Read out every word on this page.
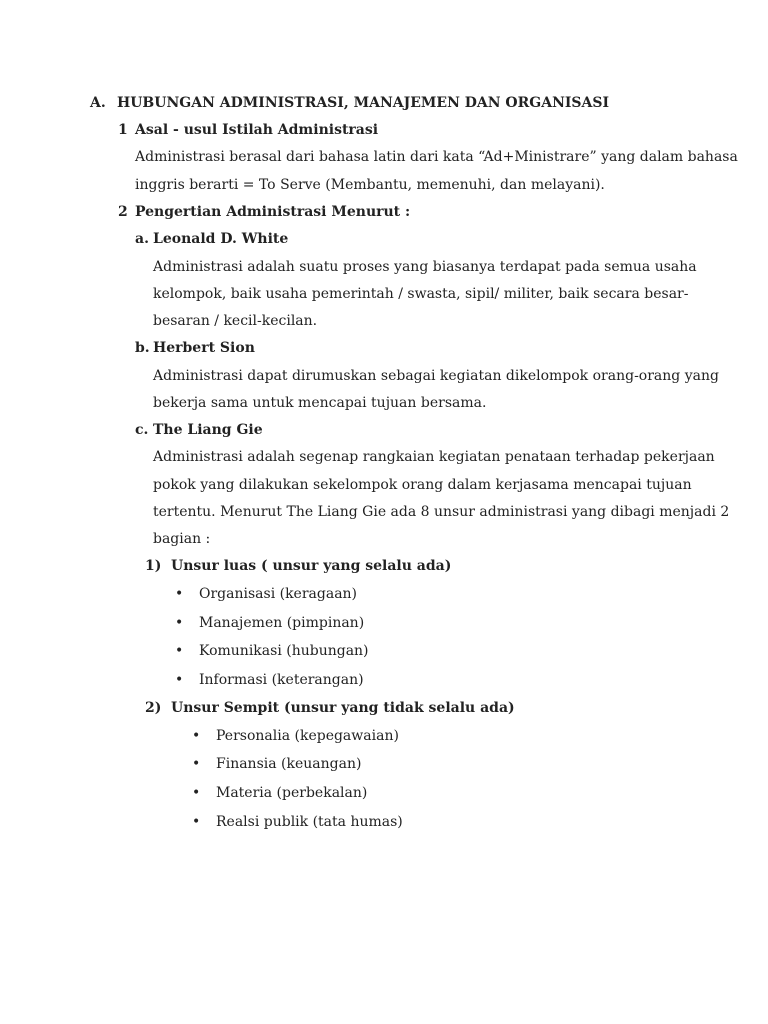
A. HUBUNGAN ADMINISTRASI, MANAJEMEN DAN ORGANISASI
1 Asal - usul Istilah Administrasi
Administrasi berasal dari bahasa latin dari kata “Ad+Ministrare” yang dalam bahasa
inggris berarti = To Serve (Membantu, memenuhi, dan melayani).
2 Pengertian Administrasi Menurut :
a. Leonald D. White
Administrasi adalah suatu proses yang biasanya terdapat pada semua usaha
kelompok, baik usaha pemerintah / swasta, sipil/ militer, baik secara besar-
besaran / kecil-kecilan.
b. Herbert Sion
Administrasi dapat dirumuskan sebagai kegiatan dikelompok orang-orang yang
bekerja sama untuk mencapai tujuan bersama.
c. The Liang Gie
Administrasi adalah segenap rangkaian kegiatan penataan terhadap pekerjaan
pokok yang dilakukan sekelompok orang dalam kerjasama mencapai tujuan
tertentu. Menurut The Liang Gie ada 8 unsur administrasi yang dibagi menjadi 2
bagian :
1) Unsur luas ( unsur yang selalu ada)
• Organisasi (keragaan)
• Manajemen (pimpinan)
• Komunikasi (hubungan)
• Informasi (keterangan)
2) Unsur Sempit (unsur yang tidak selalu ada)
• Personalia (kepegawaian)
• Finansia (keuangan)
• Materia (perbekalan)
• Realsi publik (tata humas)
